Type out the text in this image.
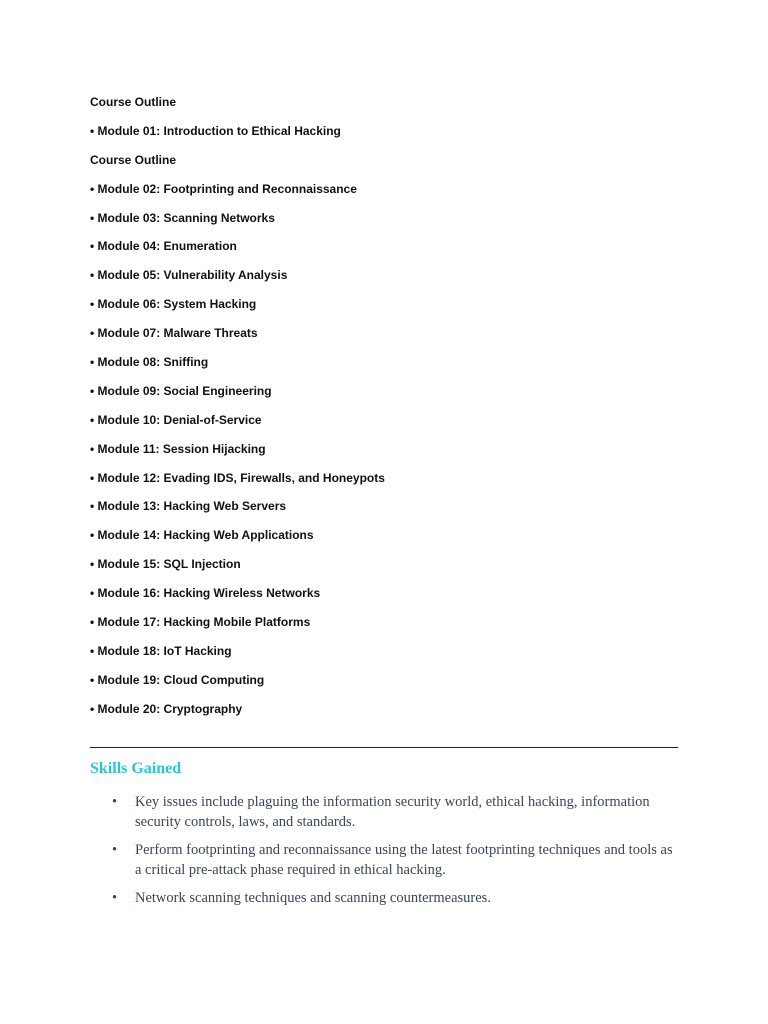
Course Outline
• Module 01: Introduction to Ethical Hacking
Course Outline
• Module 02: Footprinting and Reconnaissance
• Module 03: Scanning Networks
• Module 04: Enumeration
• Module 05: Vulnerability Analysis
• Module 06: System Hacking
• Module 07: Malware Threats
• Module 08: Sniffing
• Module 09: Social Engineering
• Module 10: Denial-of-Service
• Module 11: Session Hijacking
• Module 12: Evading IDS, Firewalls, and Honeypots
• Module 13: Hacking Web Servers
• Module 14: Hacking Web Applications
• Module 15: SQL Injection
• Module 16: Hacking Wireless Networks
• Module 17: Hacking Mobile Platforms
• Module 18: IoT Hacking
• Module 19: Cloud Computing
• Module 20: Cryptography
Skills Gained
• Key issues include plaguing the information security world, ethical hacking, information security controls, laws, and standards.
• Perform footprinting and reconnaissance using the latest footprinting techniques and tools as a critical pre-attack phase required in ethical hacking.
• Network scanning techniques and scanning countermeasures.
